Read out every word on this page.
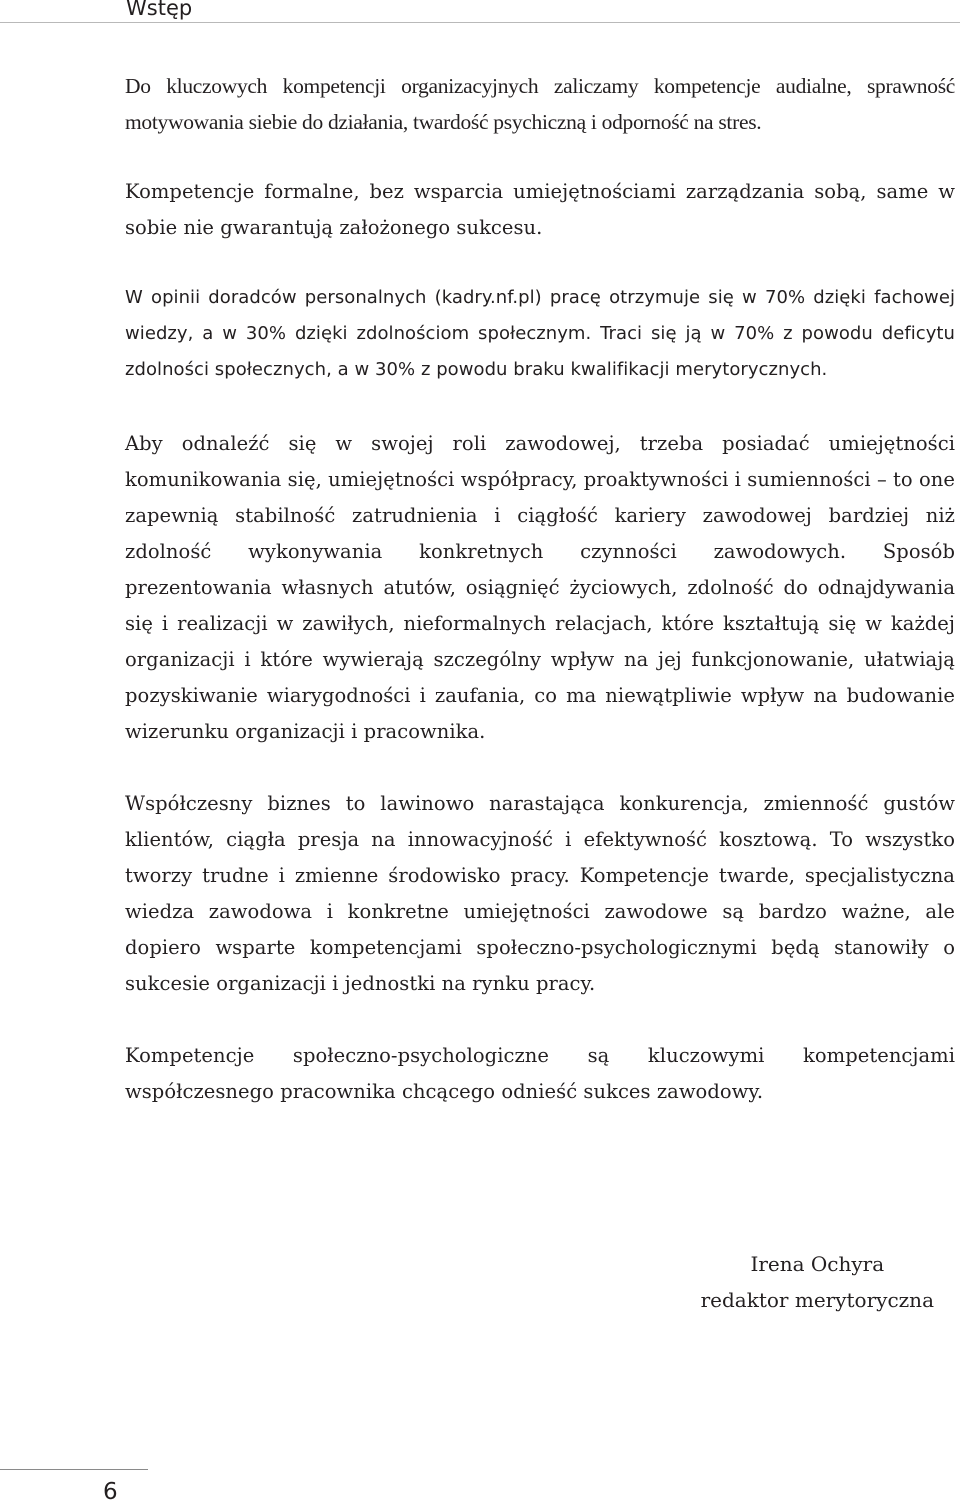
Wstęp

Do kluczowych kompetencji organizacyjnych zaliczamy kompetencje audialne, sprawność motywowania siebie do działania, twardość psychiczną i odporność na stres.

Kompetencje formalne, bez wsparcia umiejętnościami zarządzania sobą, same w sobie nie gwarantują założonego sukcesu.

W opinii doradców personalnych (kadry.nf.pl) pracę otrzymuje się w 70% dzięki fachowej wiedzy, a w 30% dzięki zdolnościom społecznym. Traci się ją w 70% z powodu deficytu zdolności społecznych, a w 30% z powodu braku kwalifikacji merytorycznych.

Aby odnaleźć się w swojej roli zawodowej, trzeba posiadać umiejętności komunikowania się, umiejętności współpracy, proaktywności i sumienności – to one zapewnią stabilność zatrudnienia i ciągłość kariery zawodowej bardziej niż zdolność wykonywania konkretnych czynności zawodowych. Sposób prezentowania własnych atutów, osiągnięć życiowych, zdolność do odnajdywania się i realizacji w zawiłych, nieformalnych relacjach, które kształtują się w każdej organizacji i które wywierają szczególny wpływ na jej funkcjonowanie, ułatwiają pozyskiwanie wiarygodności i zaufania, co ma niewątpliwie wpływ na budowanie wizerunku organizacji i pracownika.

Współczesny biznes to lawinowo narastająca konkurencja, zmienność gustów klientów, ciągła presja na innowacyjność i efektywność kosztową. To wszystko tworzy trudne i zmienne środowisko pracy. Kompetencje twarde, specjalistyczna wiedza zawodowa i konkretne umiejętności zawodowe są bardzo ważne, ale dopiero wsparte kompetencjami społeczno-psychologicznymi będą stanowiły o sukcesie organizacji i jednostki na rynku pracy.

Kompetencje społeczno-psychologiczne są kluczowymi kompetencjami współczesnego pracownika chcącego odnieść sukces zawodowy.

Irena Ochyra
redaktor merytoryczna
6
